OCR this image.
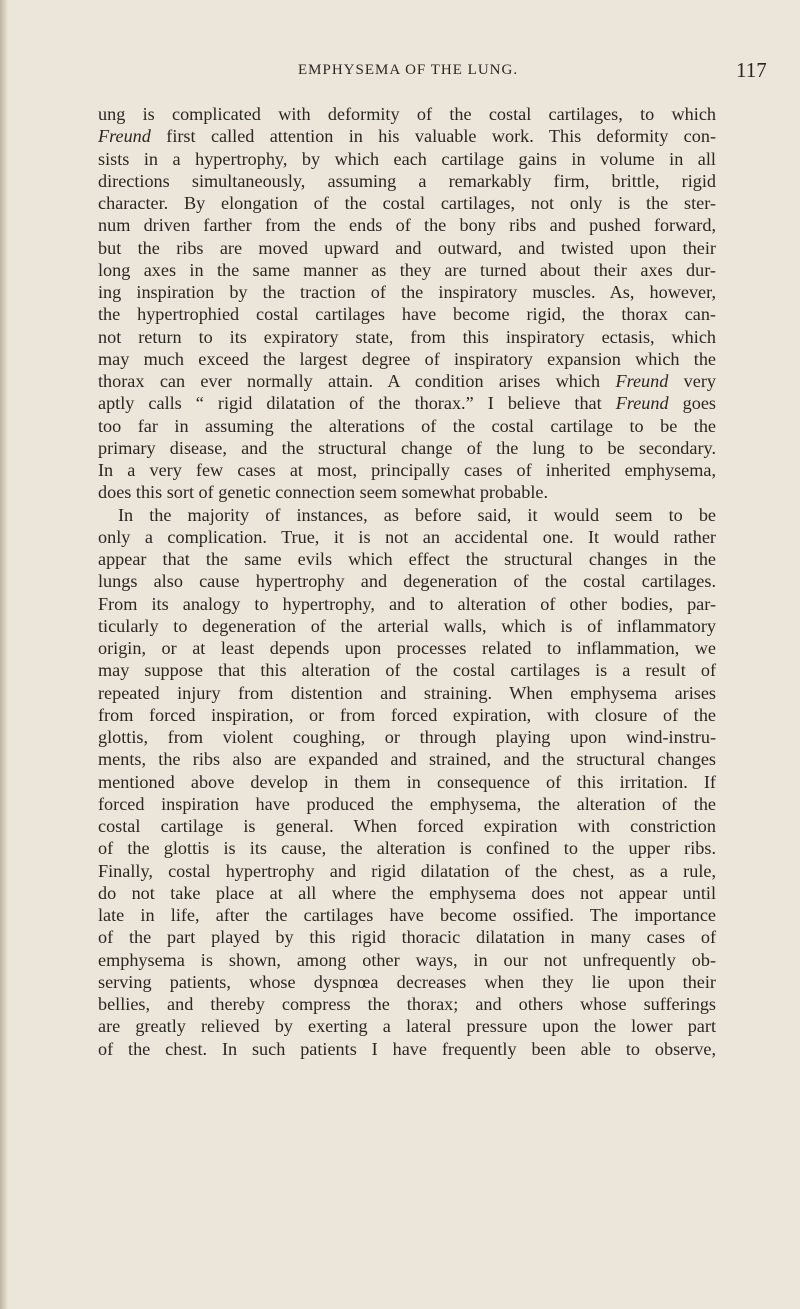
EMPHYSEMA OF THE LUNG.	117
ung is complicated with deformity of the costal cartilages, to which
Freund first called attention in his valuable work. This deformity con-
sists in a hypertrophy, by which each cartilage gains in volume in all
directions simultaneously, assuming a remarkably firm, brittle, rigid
character. By elongation of the costal cartilages, not only is the ster-
num driven farther from the ends of the bony ribs and pushed forward,
but the ribs are moved upward and outward, and twisted upon their
long axes in the same manner as they are turned about their axes dur-
ing inspiration by the traction of the inspiratory muscles. As, however,
the hypertrophied costal cartilages have become rigid, the thorax can-
not return to its expiratory state, from this inspiratory ectasis, which
may much exceed the largest degree of inspiratory expansion which the
thorax can ever normally attain. A condition arises which Freund very
aptly calls “ rigid dilatation of the thorax.” I believe that Freund goes
too far in assuming the alterations of the costal cartilage to be the
primary disease, and the structural change of the lung to be secondary.
In a very few cases at most, principally cases of inherited emphysema,
does this sort of genetic connection seem somewhat probable.
In the majority of instances, as before said, it would seem to be
only a complication. True, it is not an accidental one. It would rather
appear that the same evils which effect the structural changes in the
lungs also cause hypertrophy and degeneration of the costal cartilages.
From its analogy to hypertrophy, and to alteration of other bodies, par-
ticularly to degeneration of the arterial walls, which is of inflammatory
origin, or at least depends upon processes related to inflammation, we
may suppose that this alteration of the costal cartilages is a result of
repeated injury from distention and straining. When emphysema arises
from forced inspiration, or from forced expiration, with closure of the
glottis, from violent coughing, or through playing upon wind-instru-
ments, the ribs also are expanded and strained, and the structural changes
mentioned above develop in them in consequence of this irritation. If
forced inspiration have produced the emphysema, the alteration of the
costal cartilage is general. When forced expiration with constriction
of the glottis is its cause, the alteration is confined to the upper ribs.
Finally, costal hypertrophy and rigid dilatation of the chest, as a rule,
do not take place at all where the emphysema does not appear until
late in life, after the cartilages have become ossified. The importance
of the part played by this rigid thoracic dilatation in many cases of
emphysema is shown, among other ways, in our not unfrequently ob-
serving patients, whose dyspnœa decreases when they lie upon their
bellies, and thereby compress the thorax; and others whose sufferings
are greatly relieved by exerting a lateral pressure upon the lower part
of the chest. In such patients I have frequently been able to observe,
